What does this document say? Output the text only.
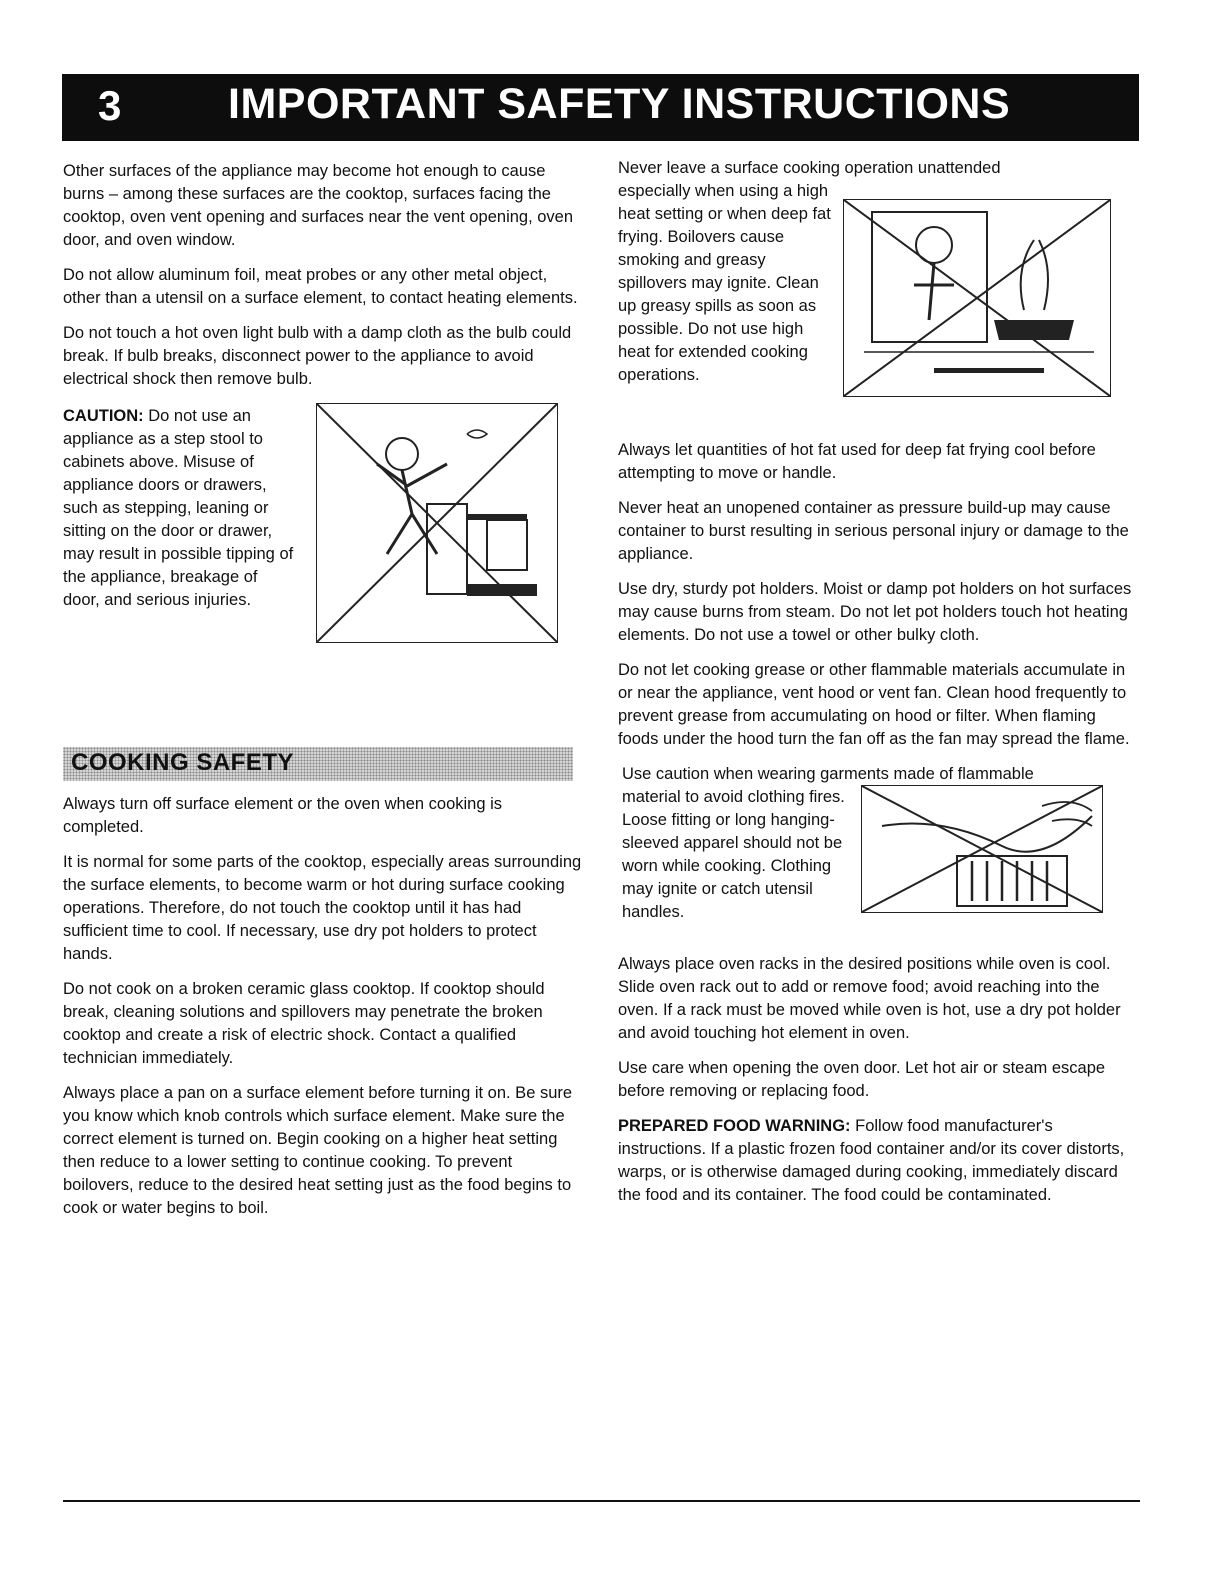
3 IMPORTANT SAFETY INSTRUCTIONS

Other surfaces of the appliance may become hot enough to cause burns – among these surfaces are the cooktop, surfaces facing the cooktop, oven vent opening and surfaces near the vent opening, oven door, and oven window.

Do not allow aluminum foil, meat probes or any other metal object, other than a utensil on a surface element, to contact heating elements.

Do not touch a hot oven light bulb with a damp cloth as the bulb could break. If bulb breaks, disconnect power to the appliance to avoid electrical shock then remove bulb.

CAUTION: Do not use an appliance as a step stool to cabinets above. Misuse of appliance doors or drawers, such as stepping, leaning or sitting on the door or drawer, may result in possible tipping of the appliance, breakage of door, and serious injuries.
COOKING SAFETY

Always turn off surface element or the oven when cooking is completed.

It is normal for some parts of the cooktop, especially areas surrounding the surface elements, to become warm or hot during surface cooking operations. Therefore, do not touch the cooktop until it has had sufficient time to cool. If necessary, use dry pot holders to protect hands.

Do not cook on a broken ceramic glass cooktop. If cooktop should break, cleaning solutions and spillovers may penetrate the broken cooktop and create a risk of electric shock. Contact a qualified technician immediately.

Always place a pan on a surface element before turning it on. Be sure you know which knob controls which surface element. Make sure the correct element is turned on. Begin cooking on a higher heat setting then reduce to a lower setting to continue cooking. To prevent boilovers, reduce to the desired heat setting just as the food begins to cook or water begins to boil.

Never leave a surface cooking operation unattended
especially when using a high heat setting or when deep fat frying. Boilovers cause smoking and greasy spillovers may ignite. Clean up greasy spills as soon as possible. Do not use high heat for extended cooking operations.

Always let quantities of hot fat used for deep fat frying cool before attempting to move or handle.

Never heat an unopened container as pressure build-up may cause container to burst resulting in serious personal injury or damage to the appliance.

Use dry, sturdy pot holders. Moist or damp pot holders on hot surfaces may cause burns from steam. Do not let pot holders touch hot heating elements. Do not use a towel or other bulky cloth.

Do not let cooking grease or other flammable materials accumulate in or near the appliance, vent hood or vent fan. Clean hood frequently to prevent grease from accumulating on hood or filter. When flaming foods under the hood turn the fan off as the fan may spread the flame.

Use caution when wearing garments made of flammable
material to avoid clothing fires. Loose fitting or long hanging-sleeved apparel should not be worn while cooking. Clothing may ignite or catch utensil handles.

Always place oven racks in the desired positions while oven is cool. Slide oven rack out to add or remove food; avoid reaching into the oven. If a rack must be moved while oven is hot, use a dry pot holder and avoid touching hot element in oven.

Use care when opening the oven door. Let hot air or steam escape before removing or replacing food.

PREPARED FOOD WARNING: Follow food manufacturer's instructions. If a plastic frozen food container and/or its cover distorts, warps, or is otherwise damaged during cooking, immediately discard the food and its container. The food could be contaminated.
